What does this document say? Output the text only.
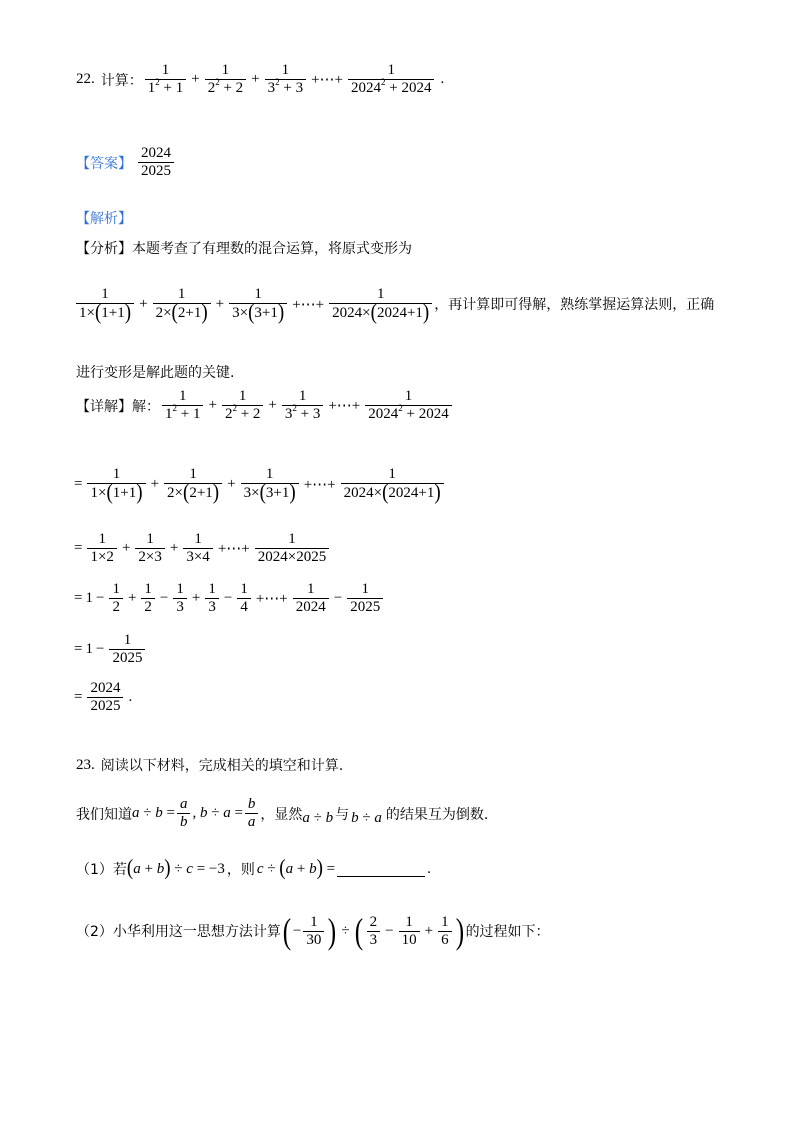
22. 计算： $\frac{1}{1^2 + 1} + \frac{1}{2^2 + 2} + \frac{1}{3^2 + 3}$ +⋯+ $\frac{1}{2024^2 + 2024}$ .
【答案】 $\frac{2024}{2025}$
【解析】
【分析】本题考查了有理数的混合运算，将原式变形为
$\frac{1}{1\times(1+1)} + \frac{1}{2\times(2+1)} + \frac{1}{3\times(3+1)}$ +⋯+ $\frac{1}{2024\times(2024+1)}$ ，再计算即可得解，熟练掌握运算法则，正确
进行变形是解此题的关键.
【详解】 解： $\frac{1}{1^2 + 1} + \frac{1}{2^2 + 2} + \frac{1}{3^2 + 3}$ +⋯+ $\frac{1}{2024^2 + 2024}$
= $\frac{1}{1\times(1+1)} + \frac{1}{2\times(2+1)} + \frac{1}{3\times(3+1)}$ +⋯+ $\frac{1}{2024\times(2024+1)}$
= $\frac{1}{1\times 2} + \frac{1}{2\times 3} + \frac{1}{3\times 4}$ +⋯+ $\frac{1}{2024\times 2025}$
= $1 - \frac{1}{2} + \frac{1}{2} - \frac{1}{3} + \frac{1}{3} - \frac{1}{4}$ +⋯+ $\frac{1}{2024} - \frac{1}{2025}$
= $1 - \frac{1}{2025}$
= $\frac{2024}{2025}$ .
23. 阅读以下材料，完成相关的填空和计算.
我们知道 $a \div b = \frac{a}{b}$ , $b \div a = \frac{b}{a}$ ，显然 a ÷ b 与 b ÷ a 的结果互为倒数.
（1）若 (a + b) ÷ c = −3 ，则 c ÷ (a + b) =	.
（2）小华利用这一思想方法计算 ( − $\frac{1}{30}$ ) ÷ ( $\frac{2}{3} - \frac{1}{10} + \frac{1}{6}$ ) 的过程如下：
